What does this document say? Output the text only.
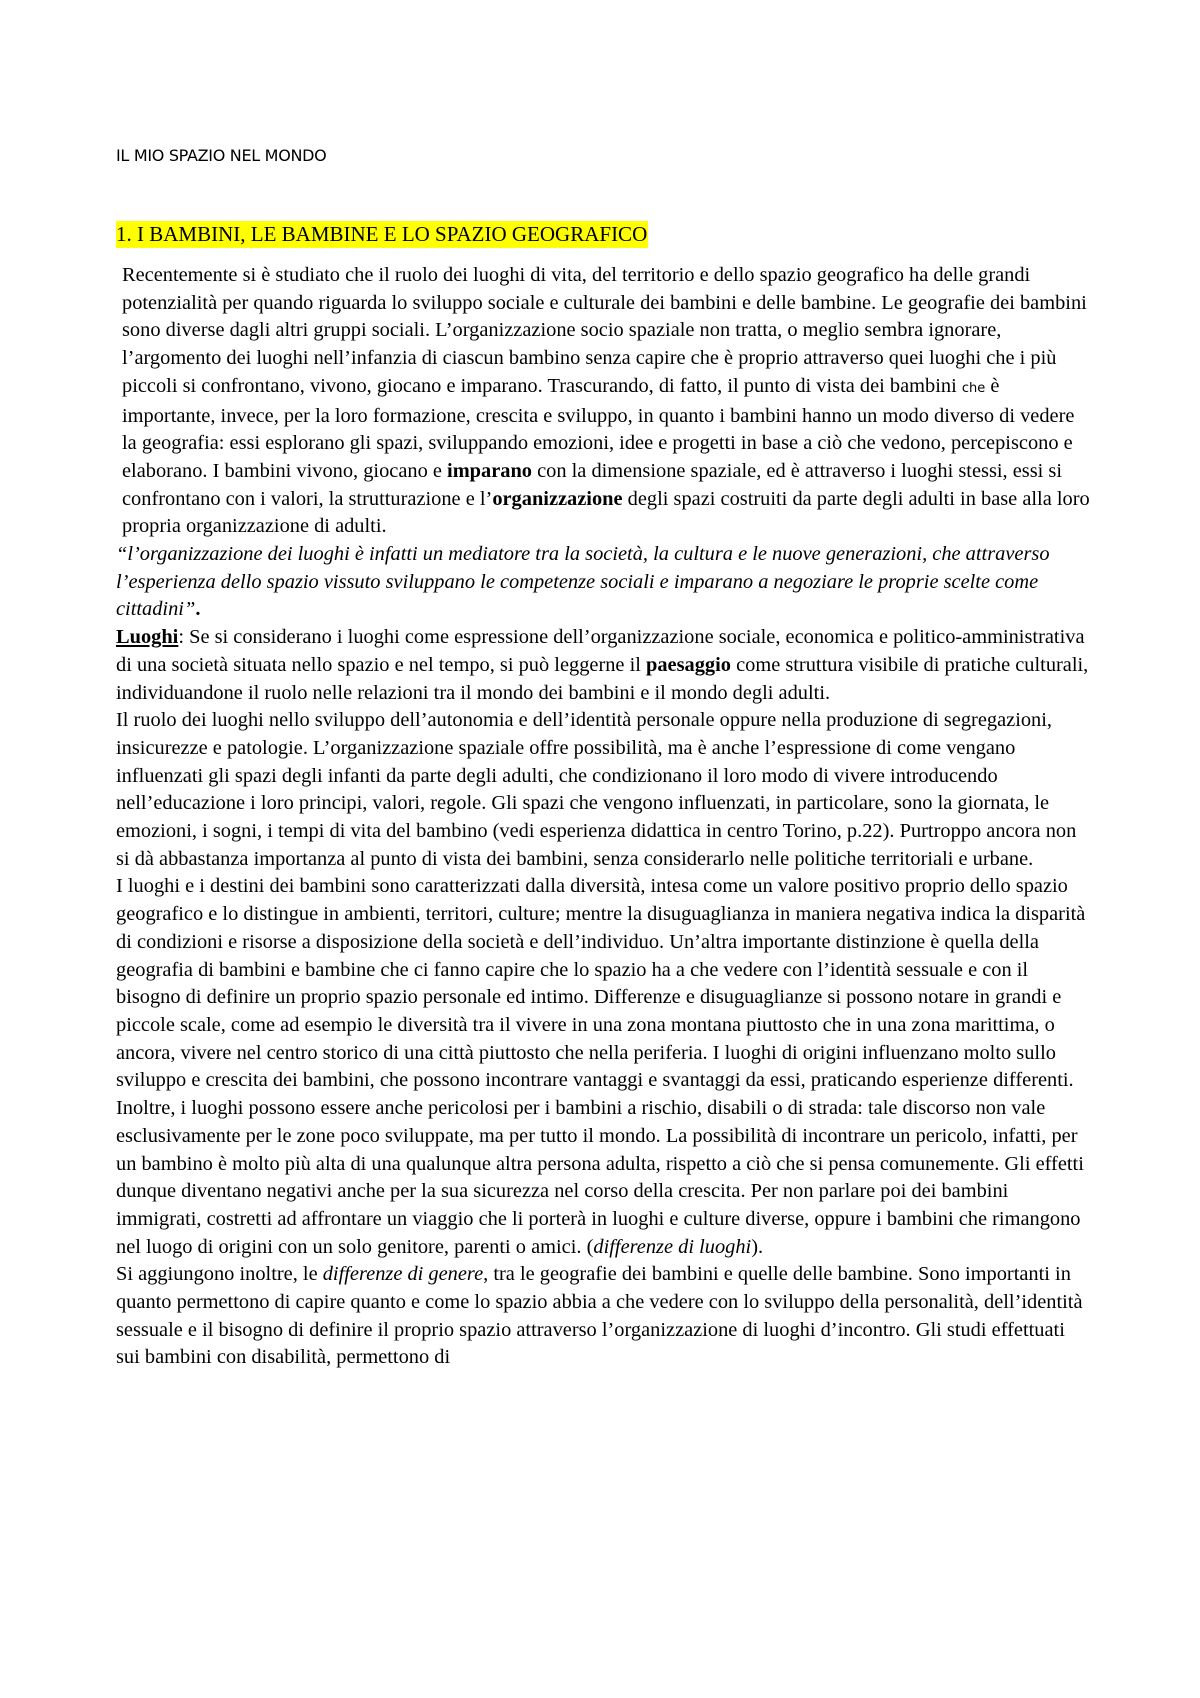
IL MIO SPAZIO NEL MONDO
1. I BAMBINI, LE BAMBINE E LO SPAZIO GEOGRAFICO

Recentemente si è studiato che il ruolo dei luoghi di vita, del territorio e dello spazio geografico ha delle grandi potenzialità per quando riguarda lo sviluppo sociale e culturale dei bambini e delle bambine. Le geografie dei bambini sono diverse dagli altri gruppi sociali. L’organizzazione socio spaziale non tratta, o meglio sembra ignorare, l’argomento dei luoghi nell’infanzia di ciascun bambino senza capire che è proprio attraverso quei luoghi che i più piccoli si confrontano, vivono, giocano e imparano. Trascurando, di fatto, il punto di vista dei bambini che è importante, invece, per la loro formazione, crescita e sviluppo, in quanto i bambini hanno un modo diverso di vedere la geografia: essi esplorano gli spazi, sviluppando emozioni, idee e progetti in base a ciò che vedono, percepiscono e elaborano. I bambini vivono, giocano e imparano con la dimensione spaziale, ed è attraverso i luoghi stessi, essi si confrontano con i valori, la strutturazione e l’organizzazione degli spazi costruiti da parte degli adulti in base alla loro propria organizzazione di adulti.

“l’organizzazione dei luoghi è infatti un mediatore tra la società, la cultura e le nuove generazioni, che attraverso l’esperienza dello spazio vissuto sviluppano le competenze sociali e imparano a negoziare le proprie scelte come cittadini”.

Luoghi: Se si considerano i luoghi come espressione dell’organizzazione sociale, economica e politico-amministrativa di una società situata nello spazio e nel tempo, si può leggerne il paesaggio come struttura visibile di pratiche culturali, individuandone il ruolo nelle relazioni tra il mondo dei bambini e il mondo degli adulti.

Il ruolo dei luoghi nello sviluppo dell’autonomia e dell’identità personale oppure nella produzione di segregazioni, insicurezze e patologie. L’organizzazione spaziale offre possibilità, ma è anche l’espressione di come vengano influenzati gli spazi degli infanti da parte degli adulti, che condizionano il loro modo di vivere introducendo nell’educazione i loro principi, valori, regole. Gli spazi che vengono influenzati, in particolare, sono la giornata, le emozioni, i sogni, i tempi di vita del bambino (vedi esperienza didattica in centro Torino, p.22). Purtroppo ancora non si dà abbastanza importanza al punto di vista dei bambini, senza considerarlo nelle politiche territoriali e urbane.

I luoghi e i destini dei bambini sono caratterizzati dalla diversità, intesa come un valore positivo proprio dello spazio geografico e lo distingue in ambienti, territori, culture; mentre la disuguaglianza in maniera negativa indica la disparità di condizioni e risorse a disposizione della società e dell’individuo. Un’altra importante distinzione è quella della geografia di bambini e bambine che ci fanno capire che lo spazio ha a che vedere con l’identità sessuale e con il bisogno di definire un proprio spazio personale ed intimo. Differenze e disuguaglianze si possono notare in grandi e piccole scale, come ad esempio le diversità tra il vivere in una zona montana piuttosto che in una zona marittima, o ancora, vivere nel centro storico di una città piuttosto che nella periferia. I luoghi di origini influenzano molto sullo sviluppo e crescita dei bambini, che possono incontrare vantaggi e svantaggi da essi, praticando esperienze differenti. Inoltre, i luoghi possono essere anche pericolosi per i bambini a rischio, disabili o di strada: tale discorso non vale esclusivamente per le zone poco sviluppate, ma per tutto il mondo. La possibilità di incontrare un pericolo, infatti, per un bambino è molto più alta di una qualunque altra persona adulta, rispetto a ciò che si pensa comunemente. Gli effetti dunque diventano negativi anche per la sua sicurezza nel corso della crescita. Per non parlare poi dei bambini immigrati, costretti ad affrontare un viaggio che li porterà in luoghi e culture diverse, oppure i bambini che rimangono nel luogo di origini con un solo genitore, parenti o amici. (differenze di luoghi).

Si aggiungono inoltre, le differenze di genere, tra le geografie dei bambini e quelle delle bambine. Sono importanti in quanto permettono di capire quanto e come lo spazio abbia a che vedere con lo sviluppo della personalità, dell’identità sessuale e il bisogno di definire il proprio spazio attraverso l’organizzazione di luoghi d’incontro. Gli studi effettuati sui bambini con disabilità, permettono di
